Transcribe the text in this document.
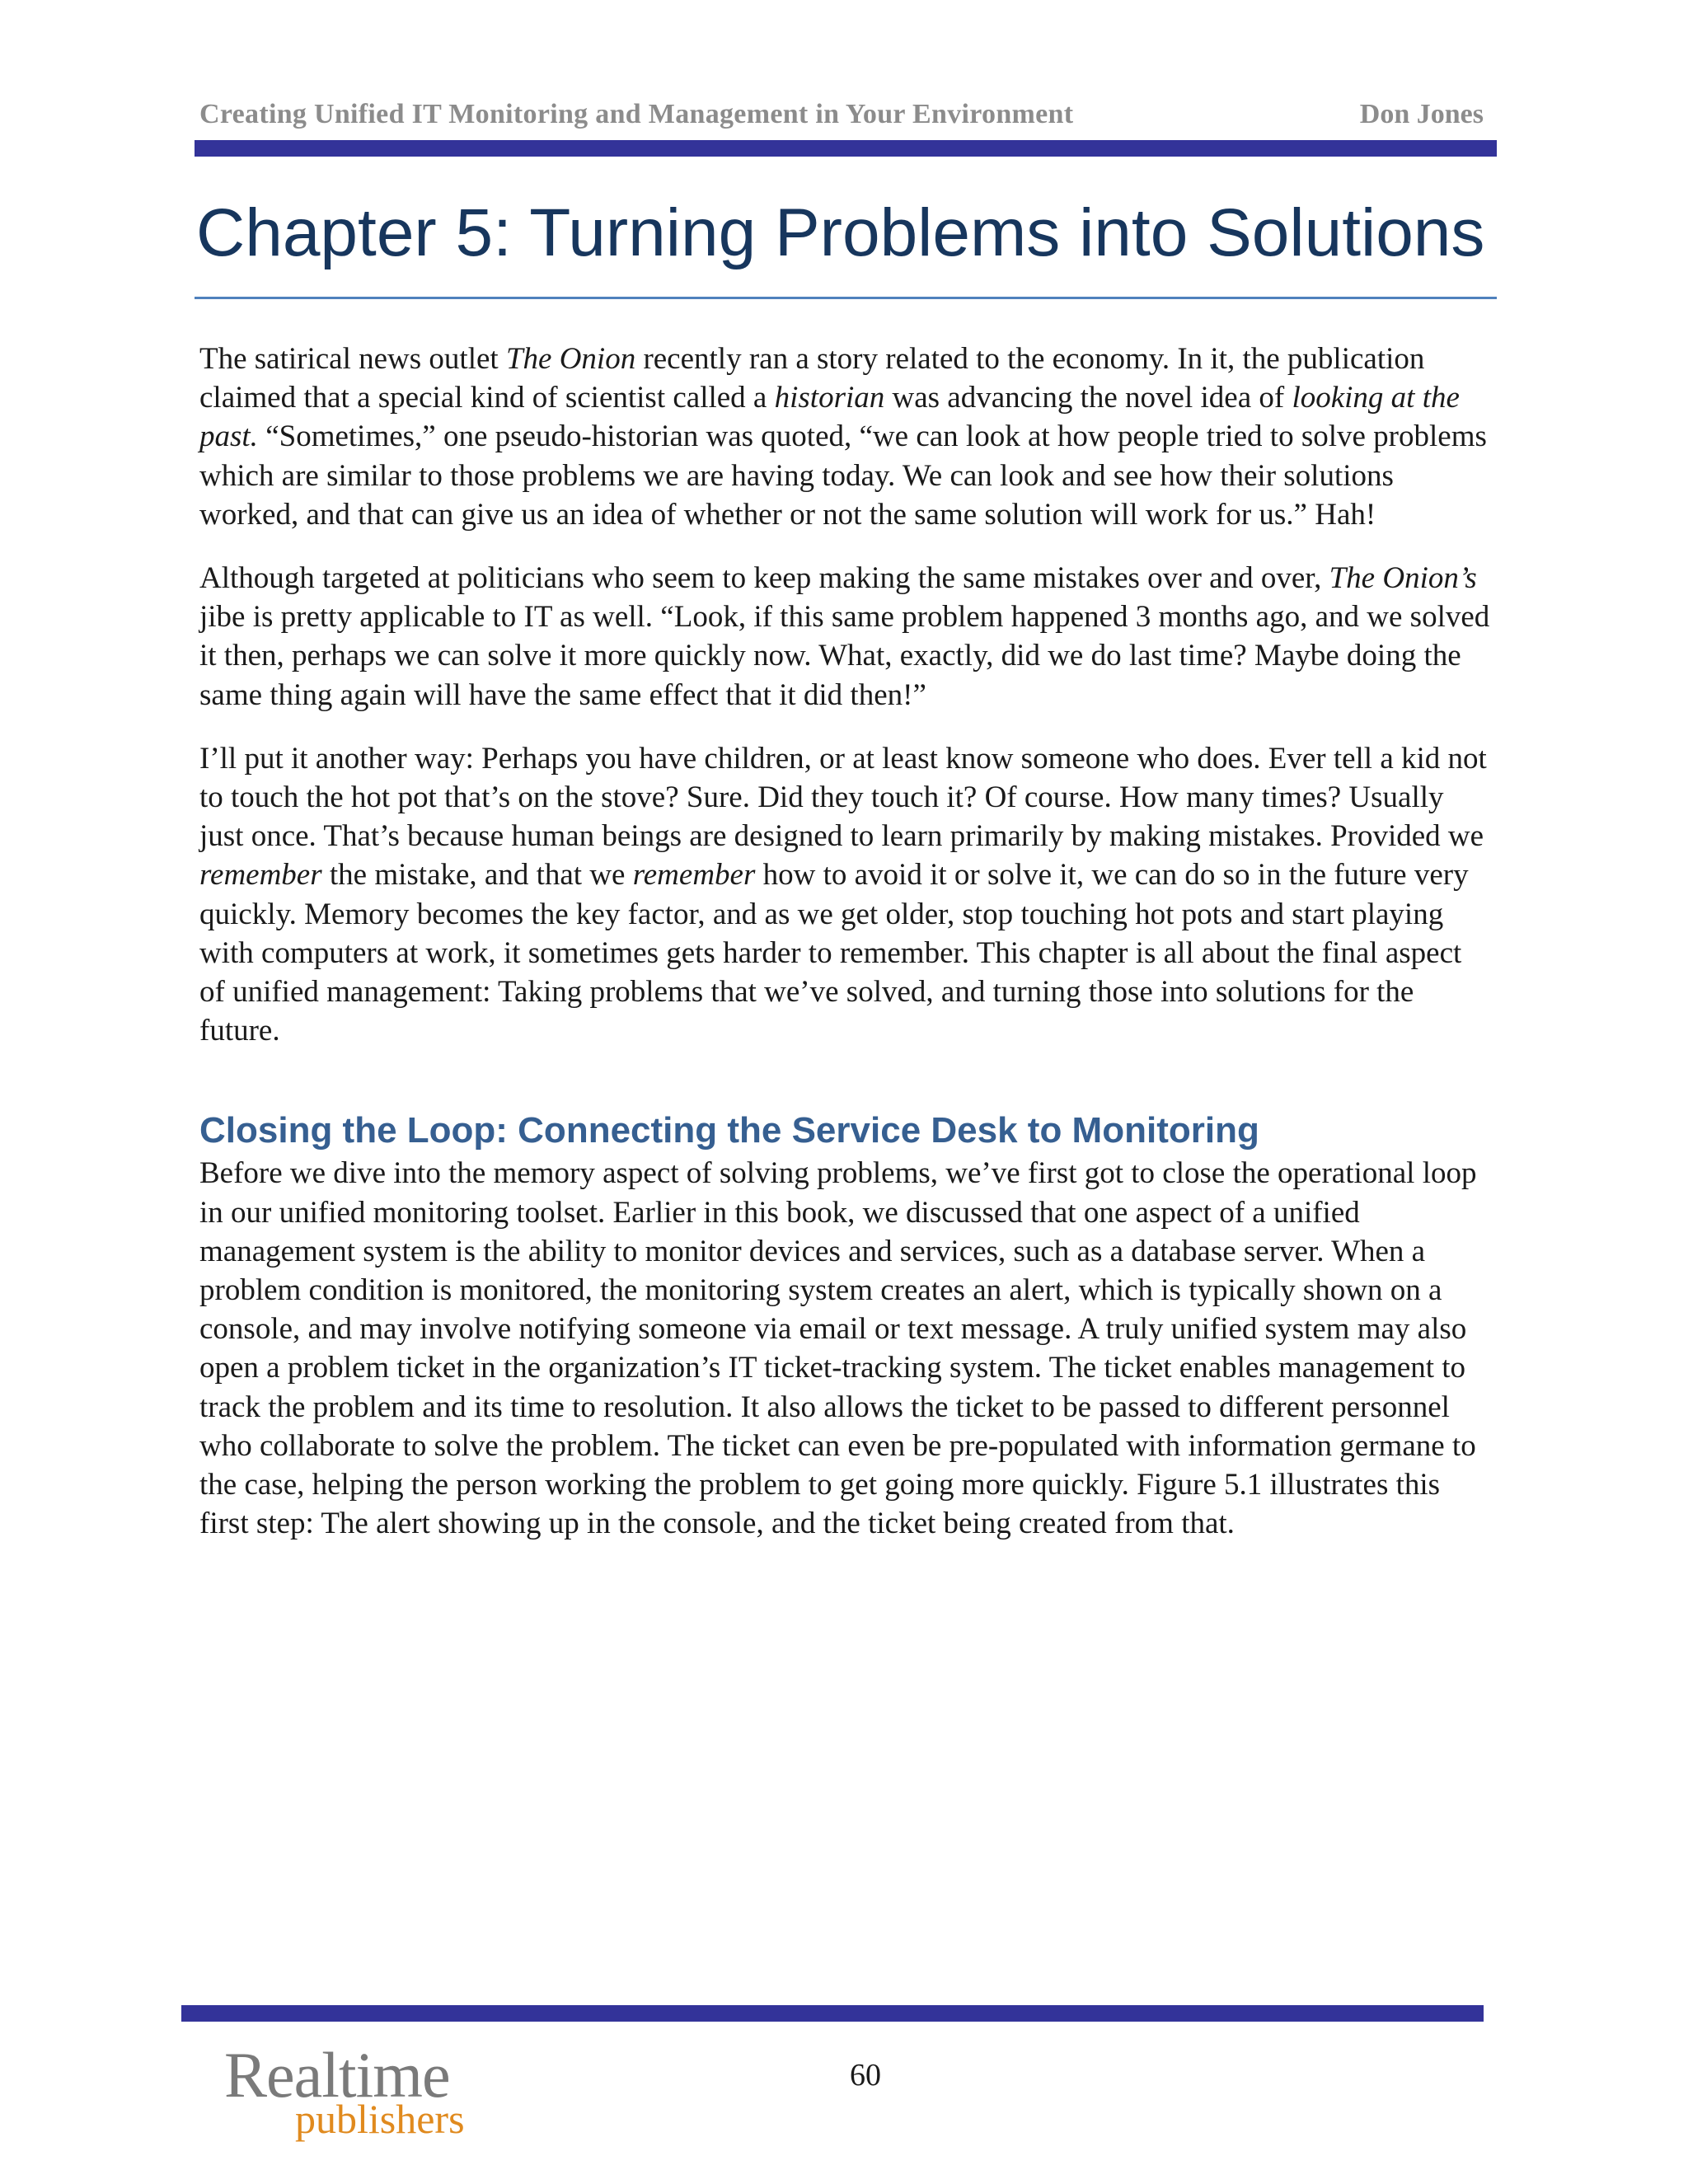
Creating Unified IT Monitoring and Management in Your Environment	Don Jones
Chapter 5: Turning Problems into Solutions

The satirical news outlet The Onion recently ran a story related to the economy. In it, the publication claimed that a special kind of scientist called a historian was advancing the novel idea of looking at the past. “Sometimes,” one pseudo-historian was quoted, “we can look at how people tried to solve problems which are similar to those problems we are having today. We can look and see how their solutions worked, and that can give us an idea of whether or not the same solution will work for us.” Hah!

Although targeted at politicians who seem to keep making the same mistakes over and over, The Onion’s jibe is pretty applicable to IT as well. “Look, if this same problem happened 3 months ago, and we solved it then, perhaps we can solve it more quickly now. What, exactly, did we do last time? Maybe doing the same thing again will have the same effect that it did then!”

I’ll put it another way: Perhaps you have children, or at least know someone who does. Ever tell a kid not to touch the hot pot that’s on the stove? Sure. Did they touch it? Of course. How many times? Usually just once. That’s because human beings are designed to learn primarily by making mistakes. Provided we remember the mistake, and that we remember how to avoid it or solve it, we can do so in the future very quickly. Memory becomes the key factor, and as we get older, stop touching hot pots and start playing with computers at work, it sometimes gets harder to remember. This chapter is all about the final aspect of unified management: Taking problems that we’ve solved, and turning those into solutions for the future.

Closing the Loop: Connecting the Service Desk to Monitoring

Before we dive into the memory aspect of solving problems, we’ve first got to close the operational loop in our unified monitoring toolset. Earlier in this book, we discussed that one aspect of a unified management system is the ability to monitor devices and services, such as a database server. When a problem condition is monitored, the monitoring system creates an alert, which is typically shown on a console, and may involve notifying someone via email or text message. A truly unified system may also open a problem ticket in the organization’s IT ticket-tracking system. The ticket enables management to track the problem and its time to resolution. It also allows the ticket to be passed to different personnel who collaborate to solve the problem. The ticket can even be pre-populated with information germane to the case, helping the person working the problem to get going more quickly. Figure 5.1 illustrates this first step: The alert showing up in the console, and the ticket being created from that.

Realtime
publishers
60
